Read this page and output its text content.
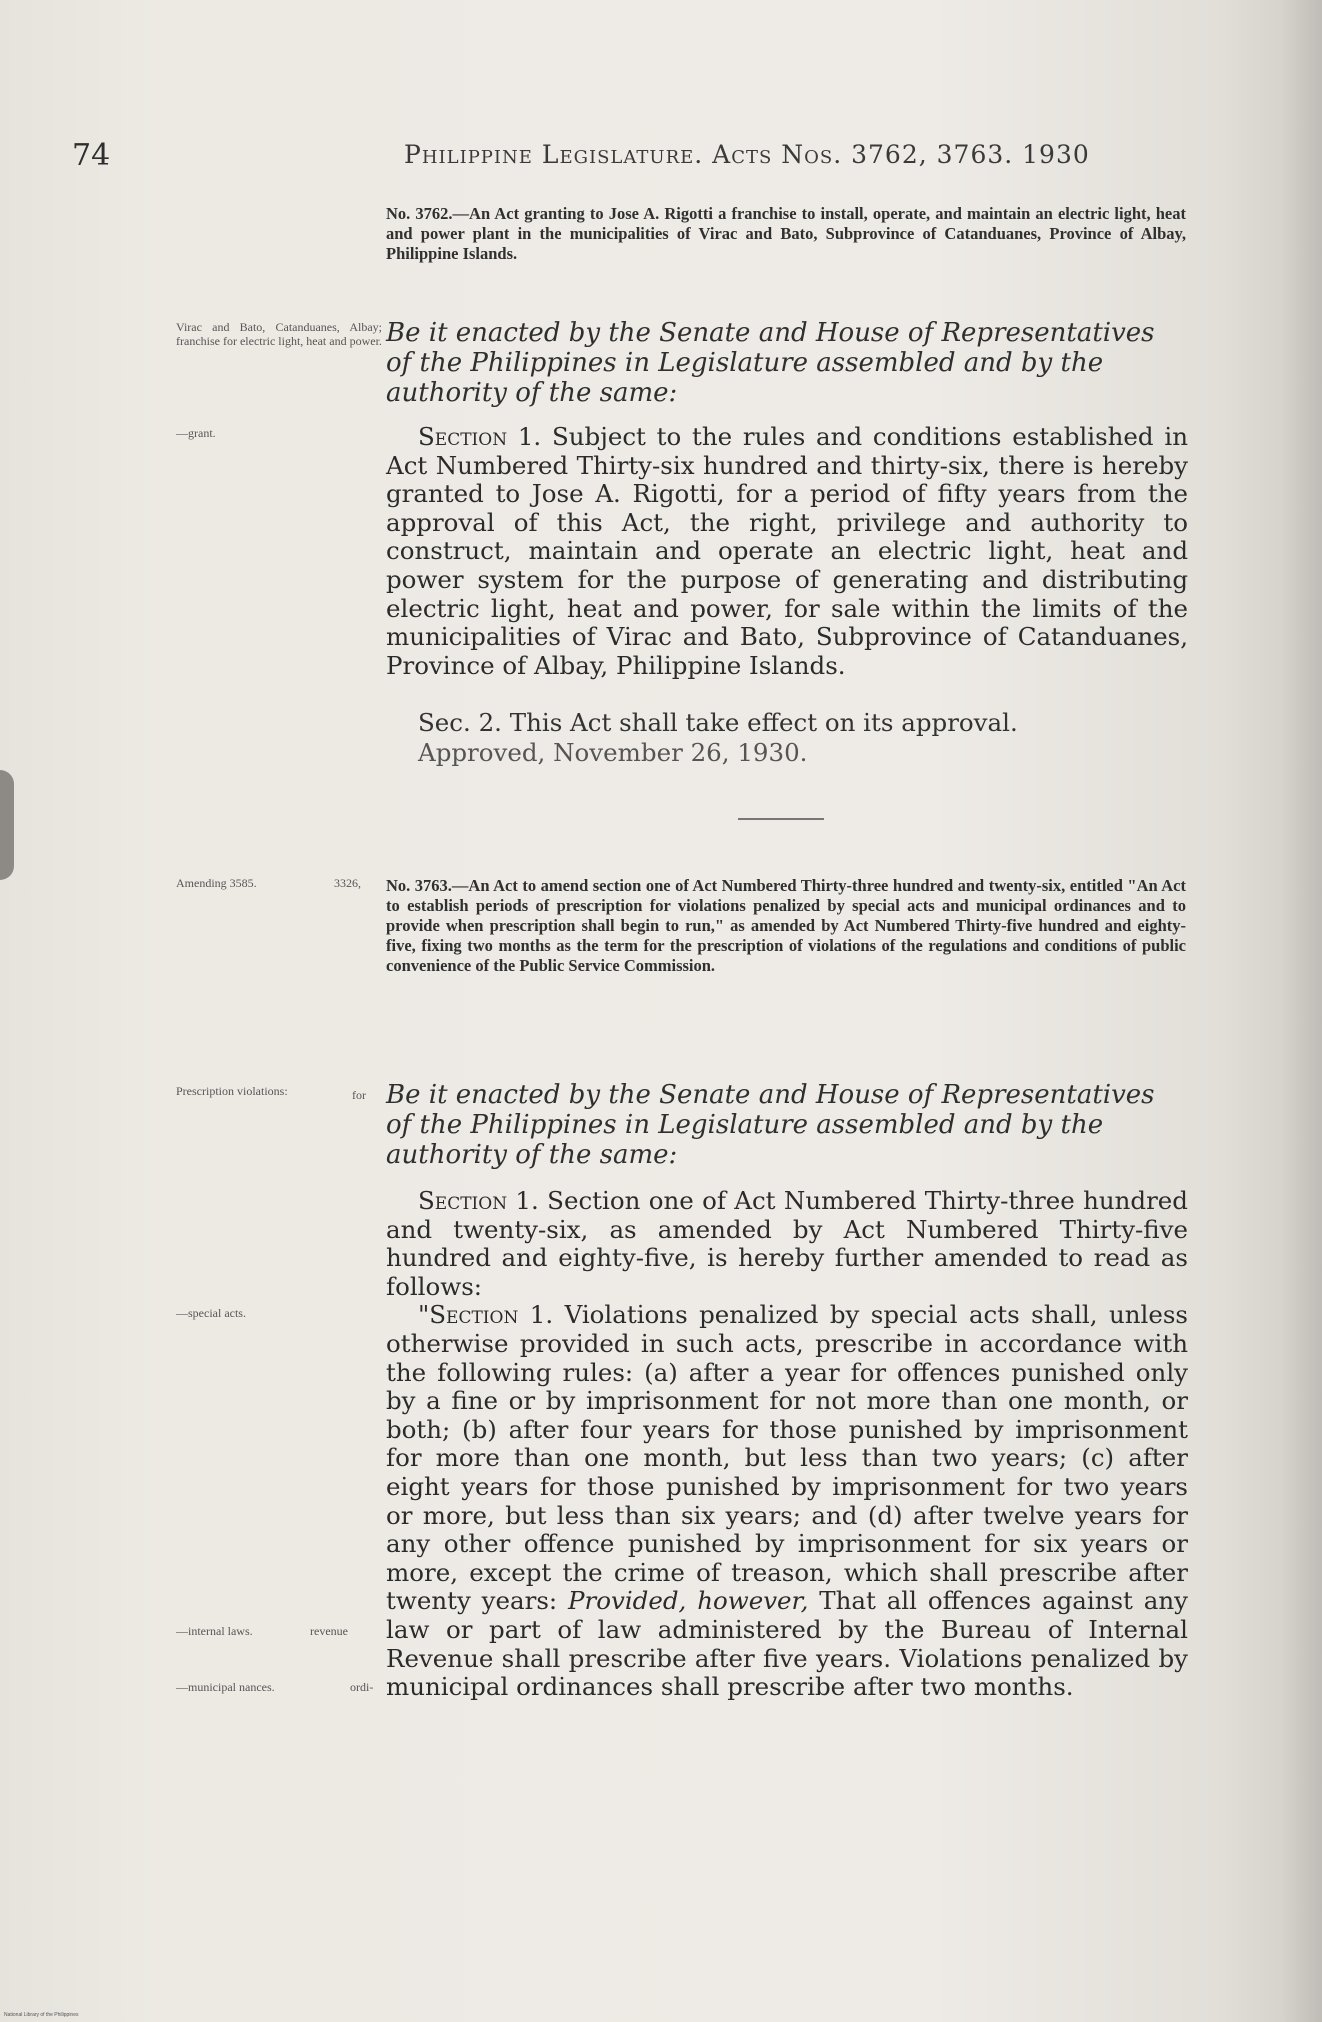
74	Philippine Legislature. Acts Nos. 3762, 3763. 1930
Virac and Bato, Catanduanes, Albay; franchise for electric light, heat and power.
—grant.
No. 3762.—An Act granting to Jose A. Rigotti a franchise to install, operate, and maintain an electric light, heat and power plant in the municipalities of Virac and Bato, Subprovince of Catanduanes, Province of Albay, Philippine Islands.
Be it enacted by the Senate and House of Representatives of the Philippines in Legislature assembled and by the authority of the same:
Section 1. Subject to the rules and conditions established in Act Numbered Thirty-six hundred and thirty-six, there is hereby granted to Jose A. Rigotti, for a period of fifty years from the approval of this Act, the right, privilege and authority to construct, maintain and operate an electric light, heat and power system for the purpose of generating and distributing electric light, heat and power, for sale within the limits of the municipalities of Virac and Bato, Subprovince of Catanduanes, Province of Albay, Philippine Islands.
Sec. 2. This Act shall take effect on its approval.
Approved, November 26, 1930.
Amending 3585.	3326,	No. 3763.—An Act to amend section one of Act Numbered Thirty-three hundred and twenty-six, entitled "An Act to establish periods of prescription for violations penalized by special acts and municipal ordinances and to provide when prescription shall begin to run," as amended by Act Numbered Thirty-five hundred and eighty-five, fixing two months as the term for the prescription of violations of the regulations and conditions of public convenience of the Public Service Commission.
Prescription violations:	for Be it enacted by the Senate and House of Representatives of the Philippines in Legislature assembled and by the authority of the same:
—special acts.
—internal laws.	revenue
—municipal nances.	ordi-
Section 1. Section one of Act Numbered Thirty-three hundred and twenty-six, as amended by Act Numbered Thirty-five hundred and eighty-five, is hereby further amended to read as follows:
"Section 1. Violations penalized by special acts shall, unless otherwise provided in such acts, prescribe in accordance with the following rules: (a) after a year for offences punished only by a fine or by imprisonment for not more than one month, or both; (b) after four years for those punished by imprisonment for more than one month, but less than two years; (c) after eight years for those punished by imprisonment for two years or more, but less than six years; and (d) after twelve years for any other offence punished by imprisonment for six years or more, except the crime of treason, which shall prescribe after twenty years: Provided, however, That all offences against any law or part of law administered by the Bureau of Internal Revenue shall prescribe after five years. Violations penalized by municipal ordinances shall prescribe after two months.
National Library of the Philippines
